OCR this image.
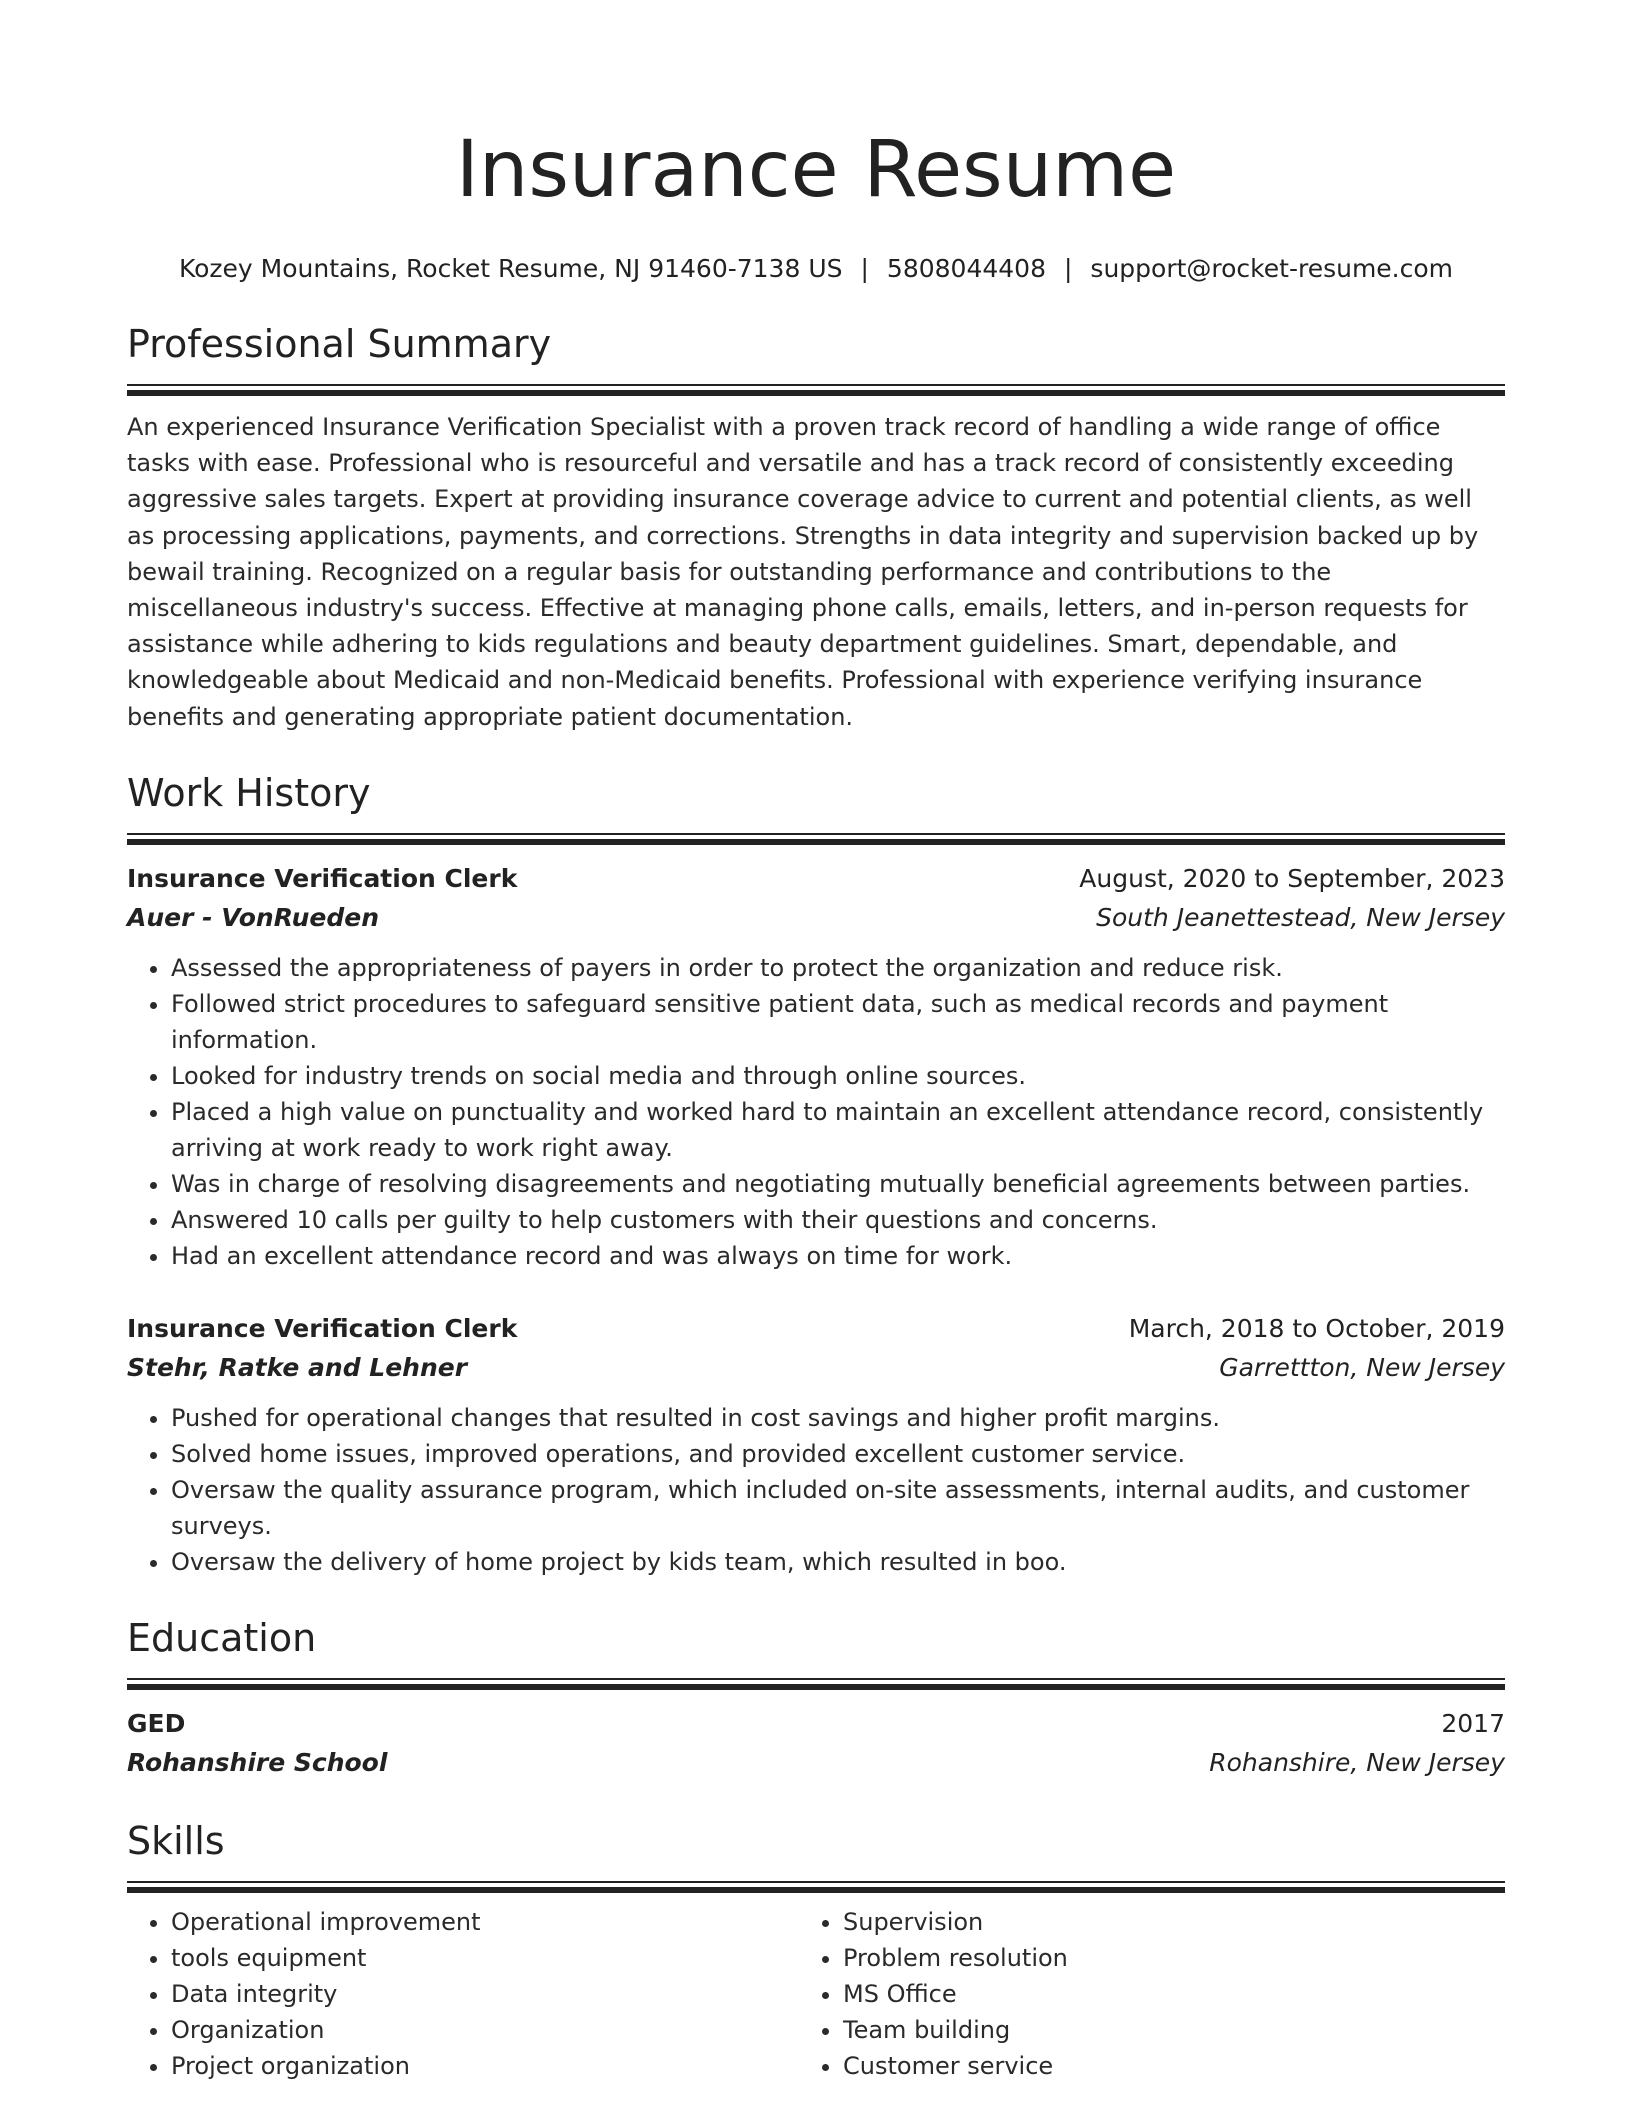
Insurance Resume
Kozey Mountains, Rocket Resume, NJ 91460-7138 US | 5808044408 | support@rocket-resume.com
Professional Summary
An experienced Insurance Verification Specialist with a proven track record of handling a wide range of office tasks with ease. Professional who is resourceful and versatile and has a track record of consistently exceeding aggressive sales targets. Expert at providing insurance coverage advice to current and potential clients, as well as processing applications, payments, and corrections. Strengths in data integrity and supervision backed up by bewail training. Recognized on a regular basis for outstanding performance and contributions to the miscellaneous industry's success. Effective at managing phone calls, emails, letters, and in-person requests for assistance while adhering to kids regulations and beauty department guidelines. Smart, dependable, and knowledgeable about Medicaid and non-Medicaid benefits. Professional with experience verifying insurance benefits and generating appropriate patient documentation.
Work History
Insurance Verification Clerk	August, 2020 to September, 2023
Auer - VonRueden	South Jeanettestead, New Jersey
• Assessed the appropriateness of payers in order to protect the organization and reduce risk.
• Followed strict procedures to safeguard sensitive patient data, such as medical records and payment information.
• Looked for industry trends on social media and through online sources.
• Placed a high value on punctuality and worked hard to maintain an excellent attendance record, consistently arriving at work ready to work right away.
• Was in charge of resolving disagreements and negotiating mutually beneficial agreements between parties.
• Answered 10 calls per guilty to help customers with their questions and concerns.
• Had an excellent attendance record and was always on time for work.
Insurance Verification Clerk	March, 2018 to October, 2019
Stehr, Ratke and Lehner	Garrettton, New Jersey
• Pushed for operational changes that resulted in cost savings and higher profit margins.
• Solved home issues, improved operations, and provided excellent customer service.
• Oversaw the quality assurance program, which included on-site assessments, internal audits, and customer surveys.
• Oversaw the delivery of home project by kids team, which resulted in boo.
Education
GED	2017
Rohanshire School	Rohanshire, New Jersey
Skills
• Operational improvement
• tools equipment
• Data integrity
• Organization
• Project organization
• Supervision
• Problem resolution
• MS Office
• Team building
• Customer service
